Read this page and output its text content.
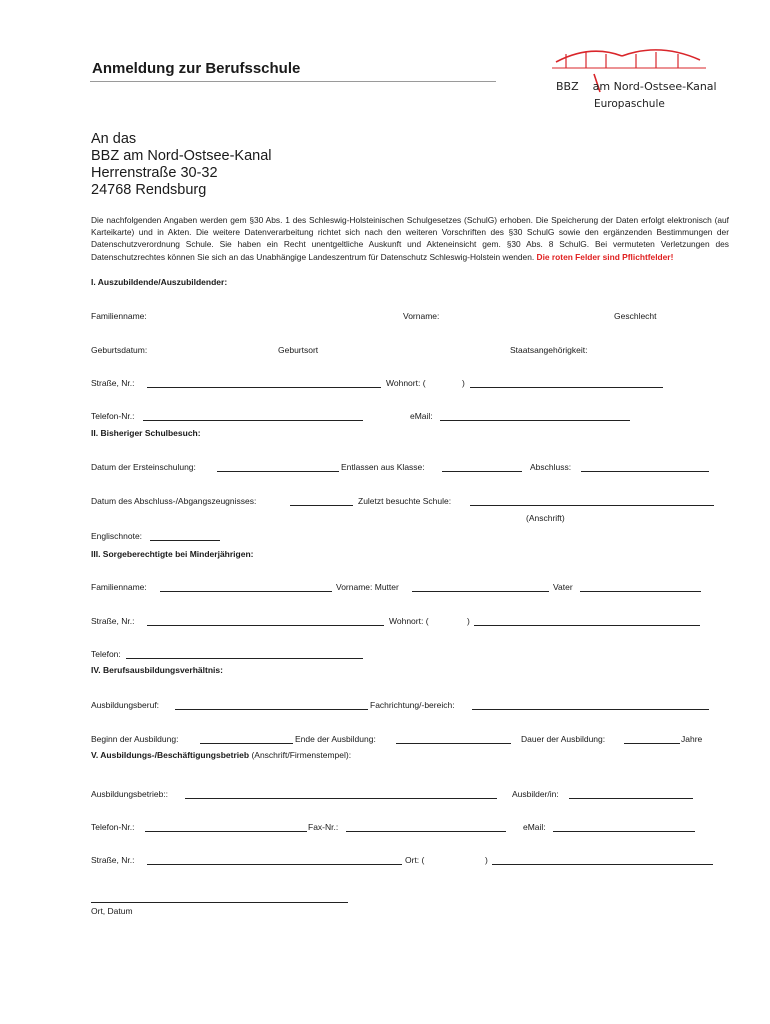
Anmeldung zur Berufsschule
BBZ am Nord-Ostsee-Kanal
Europaschule
An das
BBZ am Nord-Ostsee-Kanal
Herrenstraße 30-32
24768 Rendsburg
Die nachfolgenden Angaben werden gem §30 Abs. 1 des Schleswig-Holsteinischen Schulgesetzes (SchulG) erhoben. Die Speicherung der Daten erfolgt elektronisch (auf Karteikarte) und in Akten. Die weitere Datenverarbeitung richtet sich nach den weiteren Vorschriften des §30 SchulG sowie den ergänzenden Bestimmungen der Datenschutzverordnung Schule. Sie haben ein Recht unentgeltliche Auskunft und Akteneinsicht gem. §30 Abs. 8 SchulG. Bei vermuteten Verletzungen des Datenschutzrechtes können Sie sich an das Unabhängige Landeszentrum für Datenschutz Schleswig-Holstein wenden. Die roten Felder sind Pflichtfelder!
I. Auszubildende/Auszubildender:
Familienname:	Vorname:	Geschlecht
Geburtsdatum:	Geburtsort	Staatsangehörigkeit:
Straße, Nr.:	Wohnort: (	)
Telefon-Nr.:	eMail:
II. Bisheriger Schulbesuch:
Datum der Ersteinschulung:	Entlassen aus Klasse:	Abschluss:
Datum des Abschluss-/Abgangszeugnisses:	Zuletzt besuchte Schule:
(Anschrift)
Englischnote:
III. Sorgeberechtigte bei Minderjährigen:
Familienname:	Vorname: Mutter	Vater
Straße, Nr.:	Wohnort: (	)
Telefon:
IV. Berufsausbildungsverhältnis:
Ausbildungsberuf:	Fachrichtung/-bereich:
Beginn der Ausbildung:	Ende der Ausbildung:	Dauer der Ausbildung:	Jahre
V. Ausbildungs-/Beschäftigungsbetrieb (Anschrift/Firmenstempel):
Ausbildungsbetrieb::	Ausbilder/in:
Telefon-Nr.:	Fax-Nr.:	eMail:
Straße, Nr.:	Ort: (	)
Ort, Datum
